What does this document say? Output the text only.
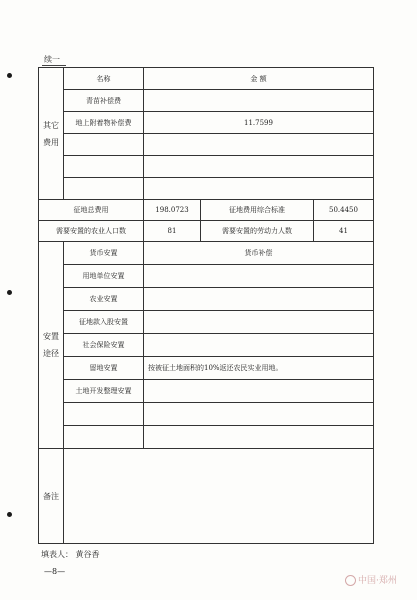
续一
其它费用	名称	金 额		
	青苗补偿费			
	地上附着物补偿费	11.7599		

征地总费用		198.0723	征地费用综合标准	50.4450
需要安置的农业人口数		81	需要安置的劳动力人数	41
安置途径	货币安置	货币补偿		
	用地单位安置			
	农业安置			
	征地款入股安置			
	社会保险安置			
	留地安置	按被征土地面积的10%返还农民实业用地。		
	土地开发整理安置			

备注				
填表人： 黄谷香
—8—
中国·郑州
